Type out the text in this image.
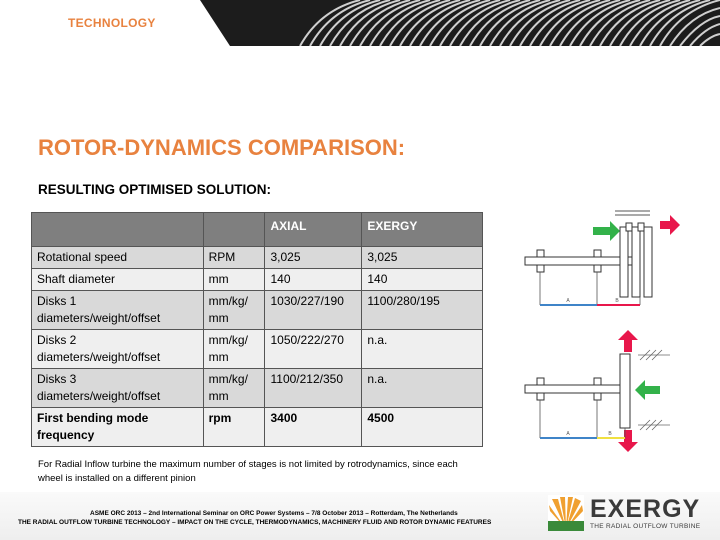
TECHNOLOGY
ROTOR-DYNAMICS COMPARISON:
RESULTING OPTIMISED SOLUTION:
		AXIAL	EXERGY
Rotational speed	RPM	3,025	3,025
Shaft diameter	mm	140	140
Disks 1 diameters/weight/offset	mm/kg/ mm	1030/227/190	1100/280/195
Disks 2 diameters/weight/offset	mm/kg/ mm	1050/222/270	n.a.
Disks 3 diameters/weight/offset	mm/kg/ mm	1100/212/350	n.a.
First bending mode frequency	rpm	3400	4500
A	B
A	B
For Radial Inflow turbine the maximum number of stages is not limited by rotrodynamics, since each wheel is installed on a different pinion
ASME ORC 2013 – 2nd International Seminar on ORC Power Systems – 7/8 October 2013 – Rotterdam, The Netherlands
THE RADIAL OUTFLOW TURBINE TECHNOLOGY – IMPACT ON THE CYCLE, THERMODYNAMICS, MACHINERY FLUID AND ROTOR DYNAMIC FEATURES	EXERGY
THE RADIAL OUTFLOW TURBINE
